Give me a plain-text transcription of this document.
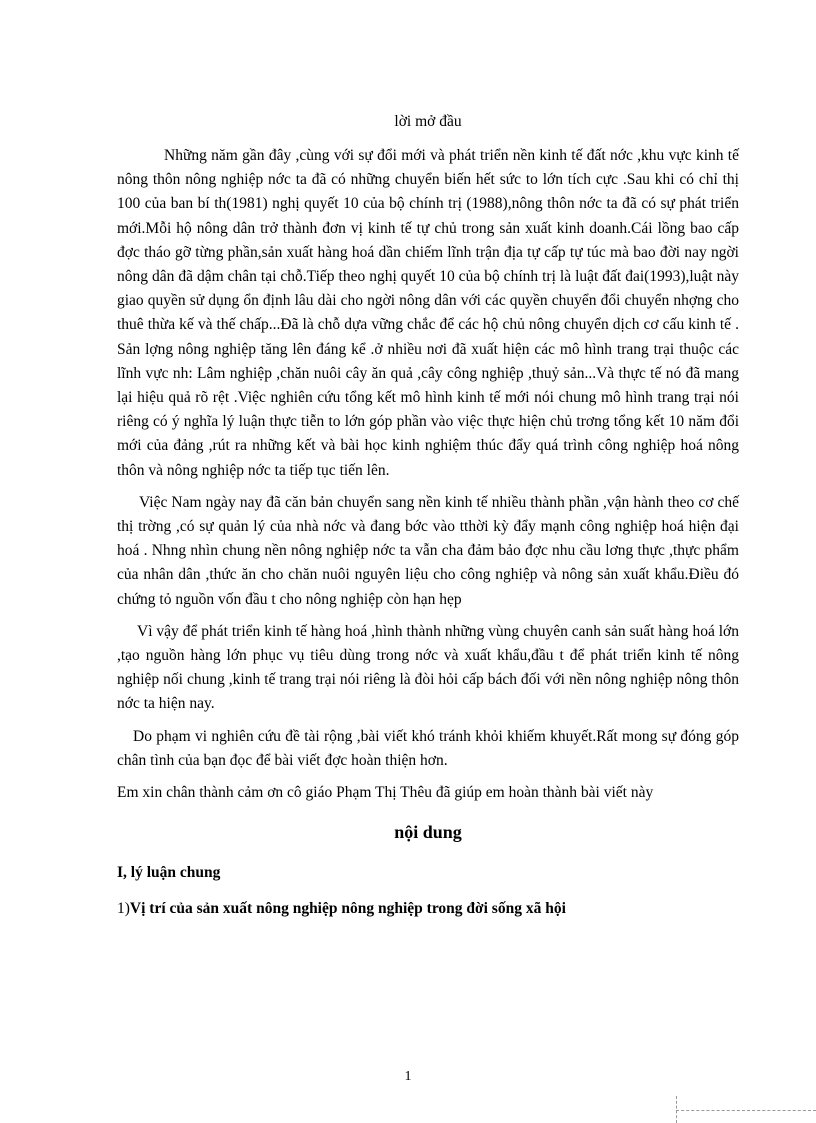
lời mở đầu

Những năm gần đây ,cùng với sự đổi mới và phát triển nền kinh tế đất nớc ,khu vực kinh tế nông thôn nông nghiệp nớc ta đã có những chuyển biến hết sức to lớn tích cực .Sau khi có chỉ thị 100 của ban bí th(1981) nghị quyết 10 của bộ chính trị (1988),nông thôn nớc ta đã có sự phát triển mới.Mỗi hộ nông dân trở thành đơn vị kinh tế tự chủ trong sản xuất kinh doanh.Cái lồng bao cấp đợc tháo gỡ từng phần,sản xuất hàng hoá dần chiếm lĩnh trận địa tự cấp tự túc mà bao đời nay ngời nông dân đã dậm chân tại chỗ.Tiếp theo nghị quyết 10 của bộ chính trị là luật đất đai(1993),luật này giao quyền sử dụng ổn định lâu dài cho ngời nông dân với các quyền chuyển đổi chuyển nhợng cho thuê thừa kế và thế chấp...Đã là chỗ dựa vững chắc để các hộ chủ nông chuyển dịch cơ cấu kinh tế . Sản lợng nông nghiệp tăng lên đáng kể .ở nhiều nơi đã xuất hiện các mô hình trang trại thuộc các lĩnh vực nh: Lâm nghiệp ,chăn nuôi cây ăn quả ,cây công nghiệp ,thuỷ sản...Và thực tế nó đã mang lại hiệu quả rõ rệt .Việc nghiên cứu tổng kết mô hình kinh tế mới nói chung mô hình trang trại nói riêng có ý nghĩa lý luận thực tiễn to lớn góp phần vào việc thực hiện chủ trơng tổng kết 10 năm đổi mới của đảng ,rút ra những kết và bài học kinh nghiệm thúc đẩy quá trình công nghiệp hoá nông thôn và nông nghiệp nớc ta tiếp tục tiến lên.

Việc Nam ngày nay đã căn bản chuyển sang nền kinh tế nhiều thành phần ,vận hành theo cơ chế thị trờng ,có sự quản lý của nhà nớc và đang bớc vào tthời kỳ đẩy mạnh công nghiệp hoá hiện đại hoá . Nhng nhìn chung nền nông nghiệp nớc ta vẫn cha đảm bảo đợc nhu cầu lơng thực ,thực phẩm của nhân dân ,thức ăn cho chăn nuôi nguyên liệu cho công nghiệp và nông sản xuất khẩu.Điều đó chứng tỏ nguồn vốn đầu t cho nông nghiệp còn hạn hẹp

Vì vậy để phát triển kinh tế hàng hoá ,hình thành những vùng chuyên canh sản suất hàng hoá lớn ,tạo nguồn hàng lớn phục vụ tiêu dùng trong nớc và xuất khẩu,đầu t để phát triển kinh tế nông nghiệp nối chung ,kinh tế trang trại nói riêng là đòi hỏi cấp bách đối với nền nông nghiệp nông thôn nớc ta hiện nay.

Do phạm vi nghiên cứu đề tài rộng ,bài viết khó tránh khỏi khiếm khuyết.Rất mong sự đóng góp chân tình của bạn đọc để bài viết đợc hoàn thiện hơn.

Em xin chân thành cảm ơn cô giáo Phạm Thị Thêu đã giúp em hoàn thành bài viết này

nội dung
I, lý luận chung
1)Vị trí của sản xuất nông nghiệp nông nghiệp trong đời sống xã hội
1
